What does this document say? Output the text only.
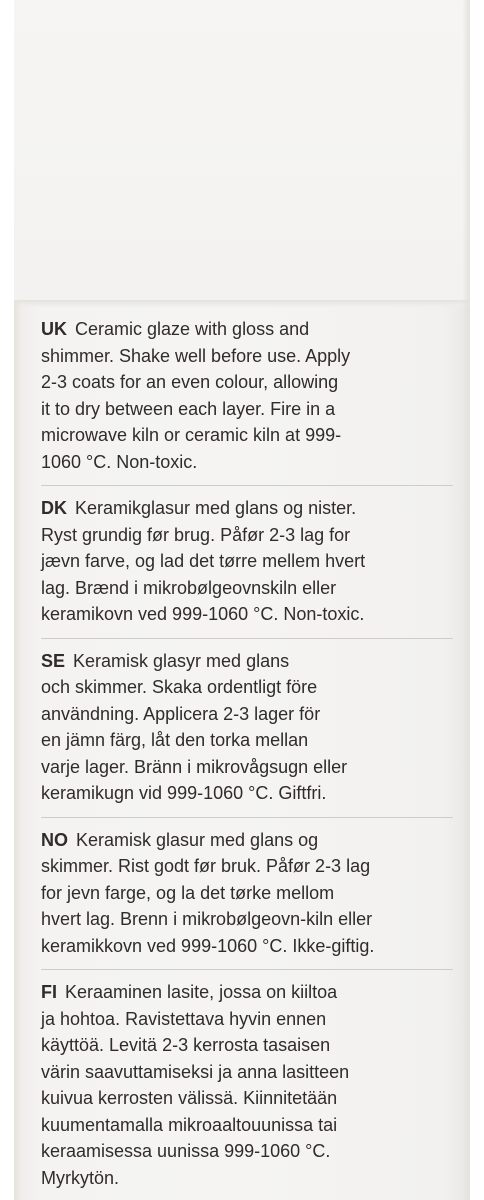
UK Ceramic glaze with gloss and
shimmer. Shake well before use. Apply
2-3 coats for an even colour, allowing
it to dry between each layer. Fire in a
microwave kiln or ceramic kiln at 999-
1060 °C. Non-toxic.
DK Keramikglasur med glans og nister.
Ryst grundig før brug. Påfør 2-3 lag for
jævn farve, og lad det tørre mellem hvert
lag. Brænd i mikrobølgeovnskiln eller
keramikovn ved 999-1060 °C. Non-toxic.
SE Keramisk glasyr med glans
och skimmer. Skaka ordentligt före
användning. Applicera 2-3 lager för
en jämn färg, låt den torka mellan
varje lager. Bränn i mikrovågsugn eller
keramikugn vid 999-1060 °C. Giftfri.
NO Keramisk glasur med glans og
skimmer. Rist godt før bruk. Påfør 2-3 lag
for jevn farge, og la det tørke mellom
hvert lag. Brenn i mikrobølgeovn-kiln eller
keramikkovn ved 999-1060 °C. Ikke-giftig.
FI Keraaminen lasite, jossa on kiiltoa
ja hohtoa. Ravistettava hyvin ennen
käyttöä. Levitä 2-3 kerrosta tasaisen
värin saavuttamiseksi ja anna lasitteen
kuivua kerrosten välissä. Kiinnitetään
kuumentamalla mikroaaltouunissa tai
keraamisessa uunissa 999-1060 °C.
Myrkytön.
